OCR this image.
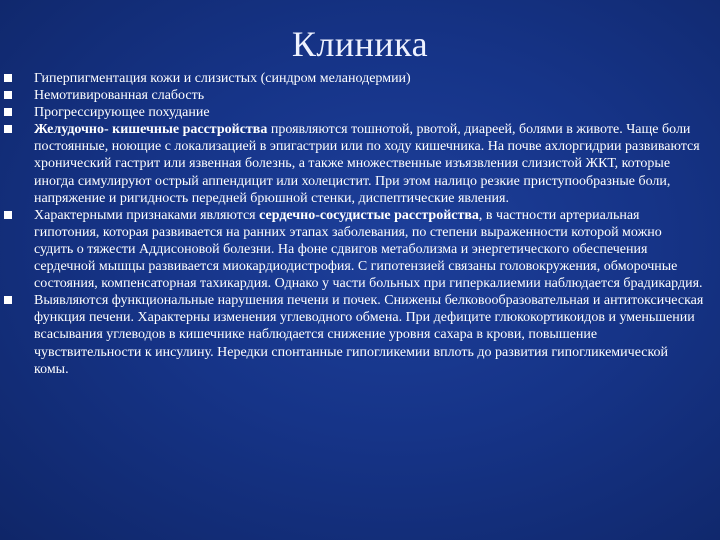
Клиника
Гиперпигментация кожи и слизистых (синдром меланодермии)
Немотивированная слабость
Прогрессирующее похудание
Желудочно- кишечные расстройства проявляются тошнотой, рвотой, диареей, болями в животе. Чаще боли постоянные, ноющие с локализацией в эпигастрии или по ходу кишечника. На почве ахлоргидрии развиваются хронический гастрит или язвенная болезнь, а также множественные изъязвления слизистой ЖКТ, которые иногда симулируют острый аппендицит или холецистит. При этом налицо резкие приступообразные боли, напряжение и ригидность передней брюшной стенки, диспептические явления.
Характерными признаками являются сердечно-сосудистые расстройства, в частности артериальная гипотония, которая развивается на ранних этапах заболевания, по степени выраженности которой можно судить о тяжести Аддисоновой болезни. На фоне сдвигов метаболизма и энергетического обеспечения сердечной мышцы развивается миокардиодистрофия. С гипотензией связаны головокружения, обморочные состояния, компенсаторная тахикардия. Однако у части больных при гиперкалиемии наблюдается брадикардия.
Выявляются функциональные нарушения печени и почек. Снижены белковообразовательная и антитоксическая функция печени. Характерны изменения углеводного обмена. При дефиците глюкокортикоидов и уменьшении всасывания углеводов в кишечнике наблюдается снижение уровня сахара в крови, повышение чувствительности к инсулину. Нередки спонтанные гипогликемии вплоть до развития гипогликемической комы.
